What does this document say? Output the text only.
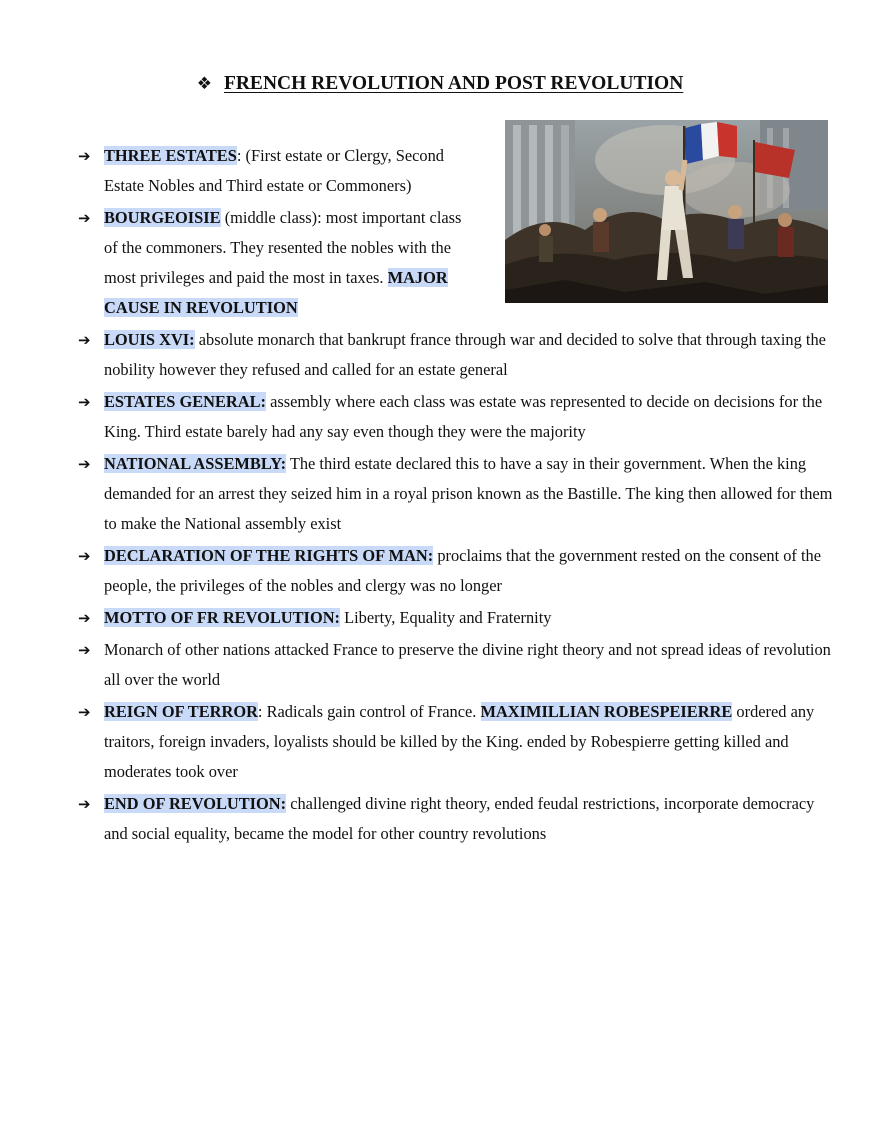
❖ FRENCH REVOLUTION AND POST REVOLUTION
➔ THREE ESTATES: (First estate or Clergy, Second Estate Nobles and Third estate or Commoners)
➔ BOURGEOISIE (middle class): most important class of the commoners. They resented the nobles with the most privileges and paid the most in taxes. MAJOR CAUSE IN REVOLUTION
➔ LOUIS XVI: absolute monarch that bankrupt france through war and decided to solve that through taxing the nobility however they refused and called for an estate general
➔ ESTATES GENERAL: assembly where each class was estate was represented to decide on decisions for the King. Third estate barely had any say even though they were the majority
➔ NATIONAL ASSEMBLY: The third estate declared this to have a say in their government. When the king demanded for an arrest they seized him in a royal prison known as the Bastille. The king then allowed for them to make the National assembly exist
➔ DECLARATION OF THE RIGHTS OF MAN: proclaims that the government rested on the consent of the people, the privileges of the nobles and clergy was no longer
➔ MOTTO OF FR REVOLUTION: Liberty, Equality and Fraternity
➔ Monarch of other nations attacked France to preserve the divine right theory and not spread ideas of revolution all over the world
➔ REIGN OF TERROR: Radicals gain control of France. MAXIMILLIAN ROBESPEIERRE ordered any traitors, foreign invaders, loyalists should be killed by the King. ended by Robespierre getting killed and moderates took over
➔ END OF REVOLUTION: challenged divine right theory, ended feudal restrictions, incorporate democracy and social equality, became the model for other country revolutions
